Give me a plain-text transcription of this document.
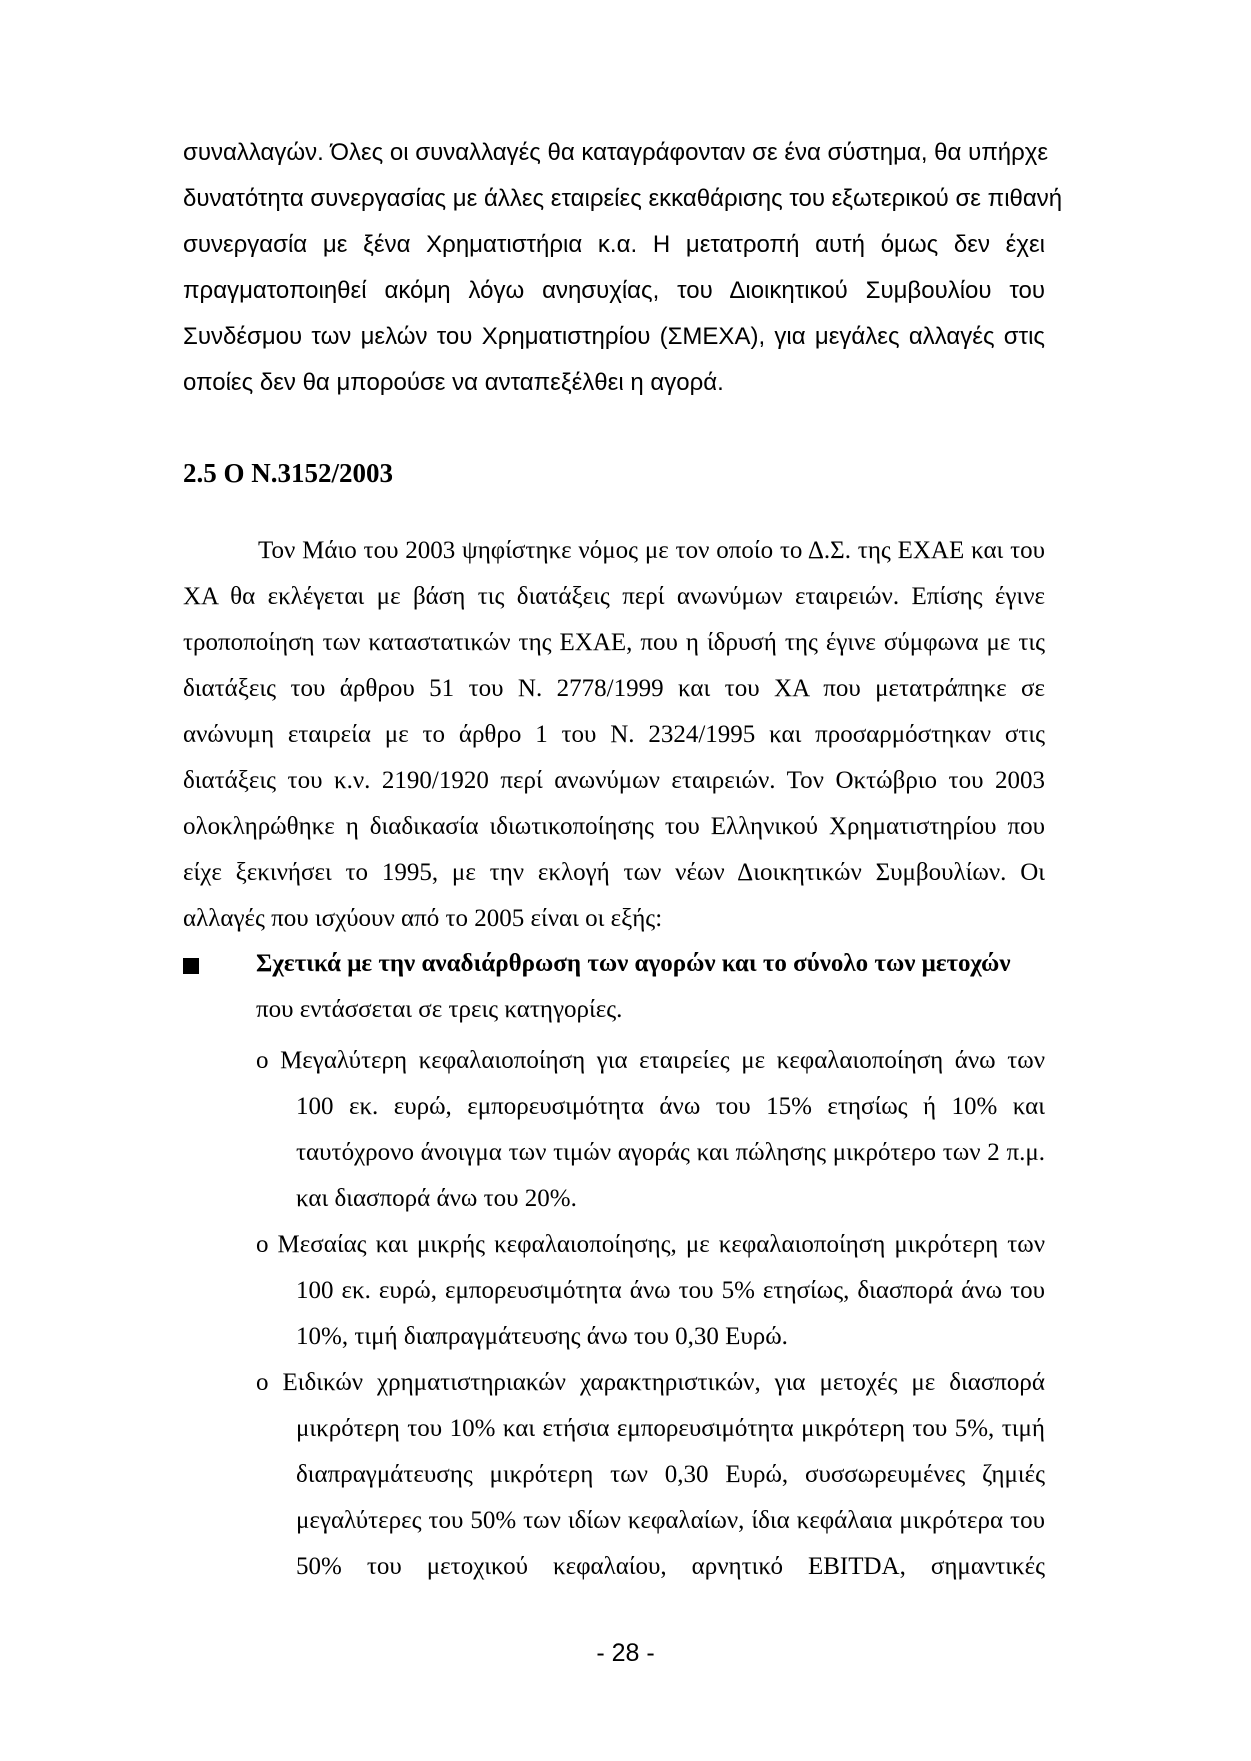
συναλλαγών. Όλες οι συναλλαγές θα καταγράφονταν σε ένα σύστημα, θα υπήρχε
δυνατότητα συνεργασίας με άλλες εταιρείες εκκαθάρισης του εξωτερικού σε πιθανή
συνεργασία με ξένα Χρηματιστήρια κ.α. Η μετατροπή αυτή όμως δεν έχει
πραγματοποιηθεί ακόμη λόγω ανησυχίας, του Διοικητικού Συμβουλίου του
Συνδέσμου των μελών του Χρηματιστηρίου (ΣΜΕΧΑ), για μεγάλες αλλαγές στις
οποίες δεν θα μπορούσε να ανταπεξέλθει η αγορά.
2.5 Ο Ν.3152/2003
Τον Μάιο του 2003 ψηφίστηκε νόμος με τον οποίο το Δ.Σ. της ΕΧΑΕ και του
ΧΑ θα εκλέγεται με βάση τις διατάξεις περί ανωνύμων εταιρειών. Επίσης έγινε
τροποποίηση των καταστατικών της ΕΧΑΕ, που η ίδρυσή της έγινε σύμφωνα με τις
διατάξεις του άρθρου 51 του Ν. 2778/1999 και του ΧΑ που μετατράπηκε σε
ανώνυμη εταιρεία με το άρθρο 1 του Ν. 2324/1995 και προσαρμόστηκαν στις
διατάξεις του κ.ν. 2190/1920 περί ανωνύμων εταιρειών. Τον Οκτώβριο του 2003
ολοκληρώθηκε η διαδικασία ιδιωτικοποίησης του Ελληνικού Χρηματιστηρίου που
είχε ξεκινήσει το 1995, με την εκλογή των νέων Διοικητικών Συμβουλίων. Οι
αλλαγές που ισχύουν από το 2005 είναι οι εξής:
Σχετικά με την αναδιάρθρωση των αγορών και το σύνολο των μετοχών
που εντάσσεται σε τρεις κατηγορίες.
ο Μεγαλύτερη κεφαλαιοποίηση για εταιρείες με κεφαλαιοποίηση άνω των
100 εκ. ευρώ, εμπορευσιμότητα άνω του 15% ετησίως ή 10% και
ταυτόχρονο άνοιγμα των τιμών αγοράς και πώλησης μικρότερο των 2 π.μ.
και διασπορά άνω του 20%.
ο Μεσαίας και μικρής κεφαλαιοποίησης, με κεφαλαιοποίηση μικρότερη των
100 εκ. ευρώ, εμπορευσιμότητα άνω του 5% ετησίως, διασπορά άνω του
10%, τιμή διαπραγμάτευσης άνω του 0,30 Ευρώ.
ο Ειδικών χρηματιστηριακών χαρακτηριστικών, για μετοχές με διασπορά
μικρότερη του 10% και ετήσια εμπορευσιμότητα μικρότερη του 5%, τιμή
διαπραγμάτευσης μικρότερη των 0,30 Ευρώ, συσσωρευμένες ζημιές
μεγαλύτερες του 50% των ιδίων κεφαλαίων, ίδια κεφάλαια μικρότερα του
50% του μετοχικού κεφαλαίου, αρνητικό EBITDA, σημαντικές
- 28 -
